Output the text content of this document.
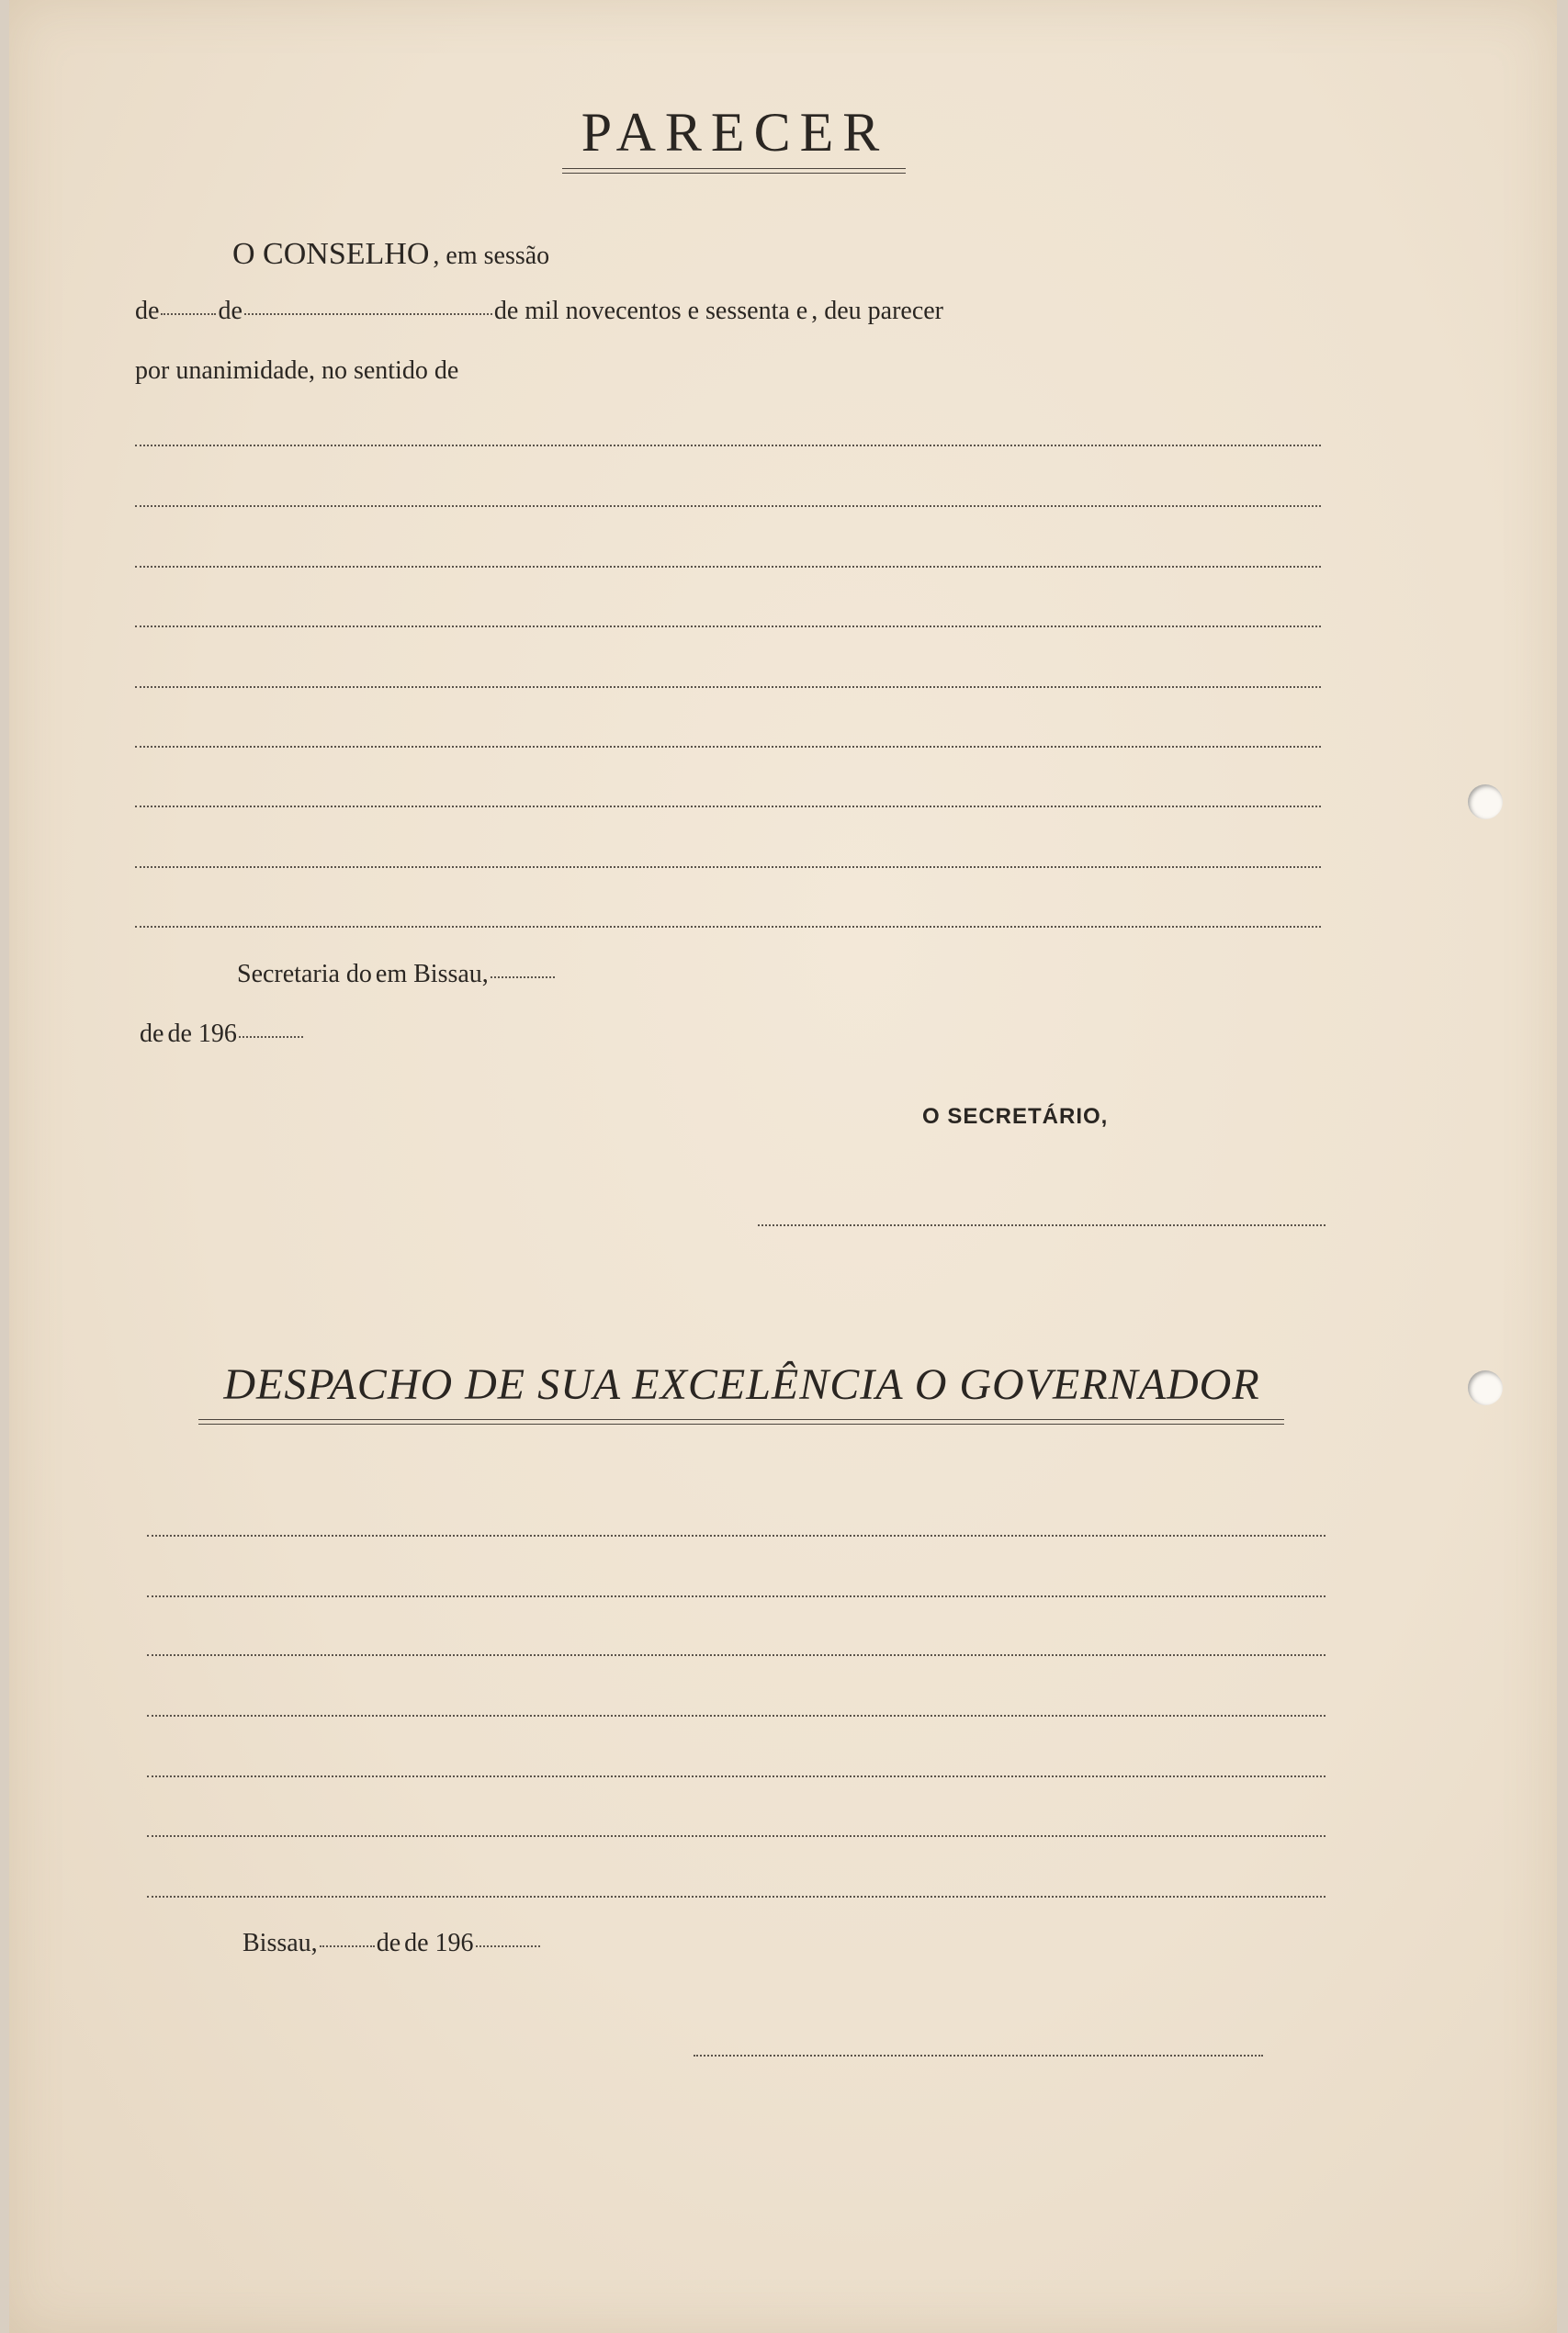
PARECER
O CONSELHO , em sessão
de de	de mil novecentos e sessenta e , deu parecer
por unanimidade, no sentido de
Secretaria do em Bissau,
de de 196
O SECRETÁRIO,
DESPACHO DE SUA EXCELÊNCIA O GOVERNADOR
Bissau, de de 196
